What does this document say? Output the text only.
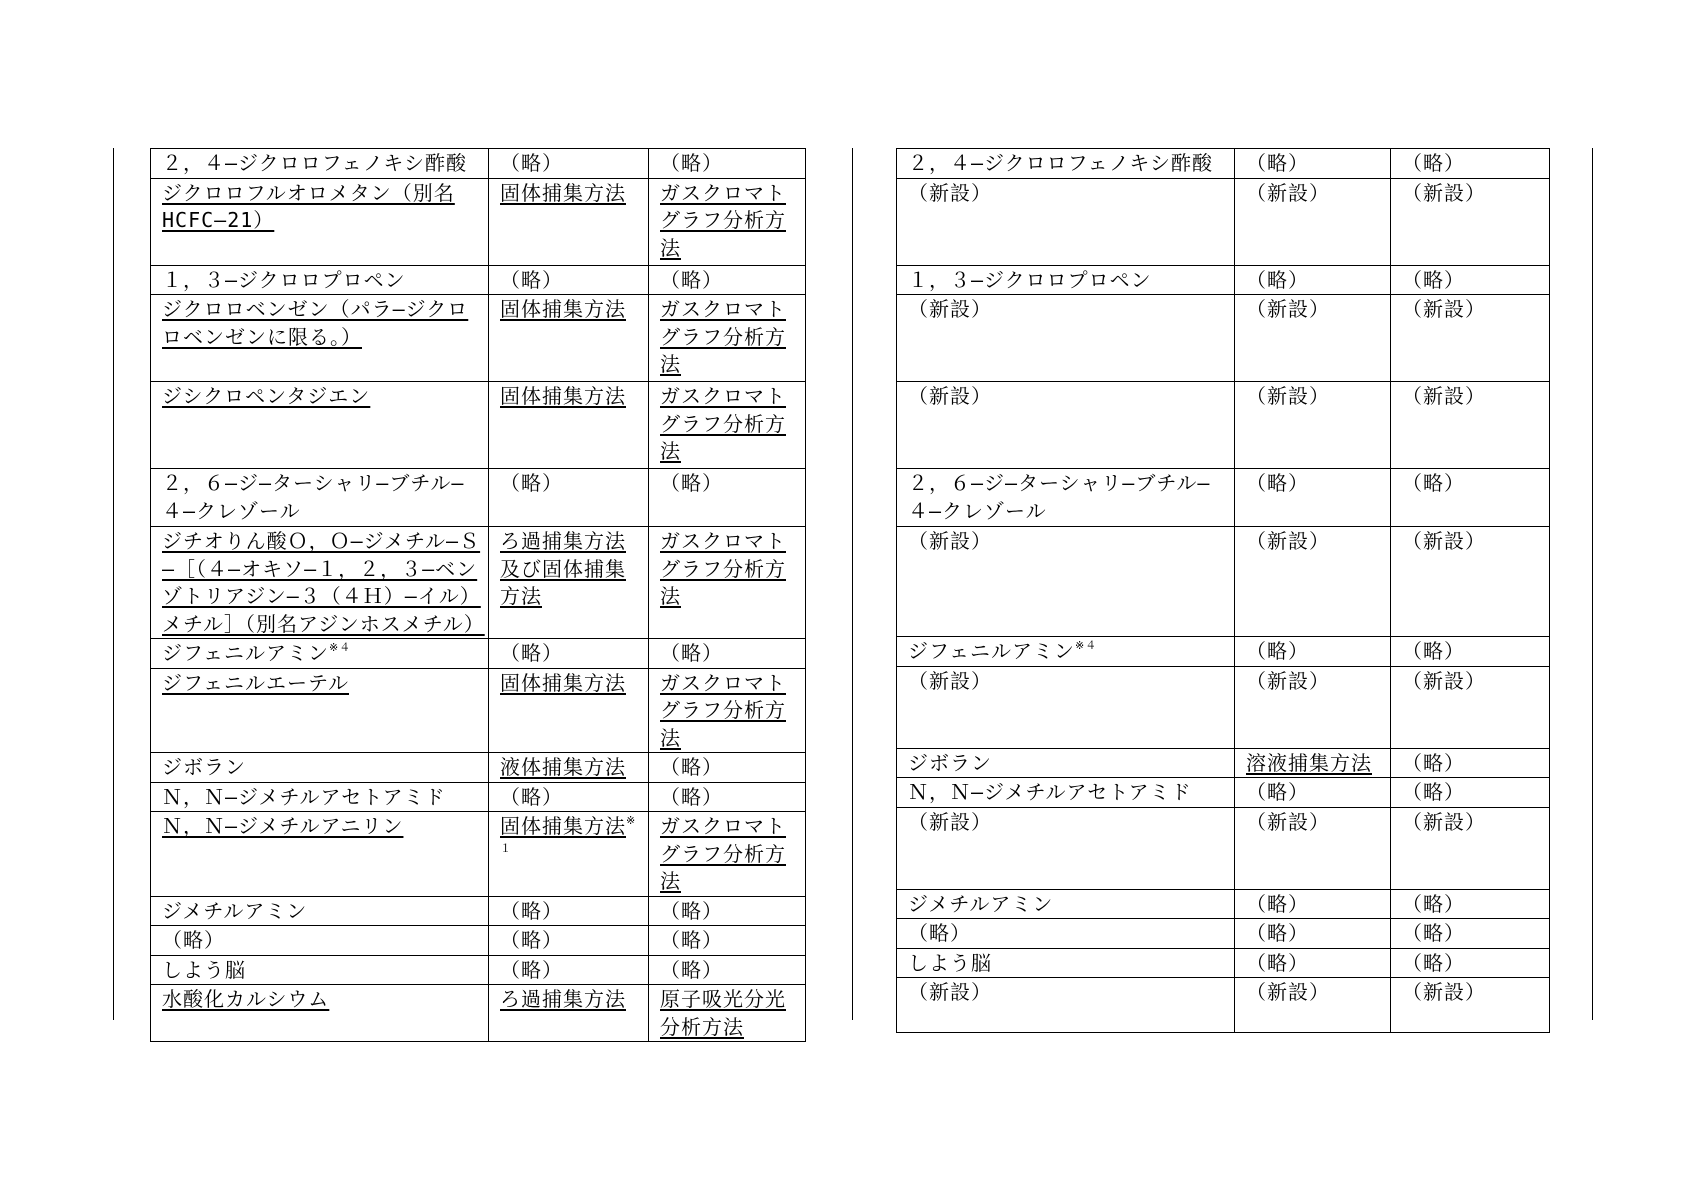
２，４―ジクロロフェノキシ酢酸	（略）	（略）
ジクロロフルオロメタン（別名HCFC―21）	固体捕集方法	ガスクロマトグラフ分析方法
１，３―ジクロロプロペン	（略）	（略）
ジクロロベンゼン（パラ―ジクロロベンゼンに限る。）	固体捕集方法	ガスクロマトグラフ分析方法
ジシクロペンタジエン	固体捕集方法	ガスクロマトグラフ分析方法
２，６―ジ―ターシャリ―ブチル―４―クレゾール	（略）	（略）
ジチオりん酸Ｏ，Ｏ―ジメチル―Ｓ―［（４―オキソ―１，２，３―ベンゾトリアジン―３（４Ｈ）―イル）メチル］（別名アジンホスメチル）	ろ過捕集方法及び固体捕集方法	ガスクロマトグラフ分析方法
ジフェニルアミン$^{※4}$	（略）	（略）
ジフェニルエーテル	固体捕集方法	ガスクロマトグラフ分析方法
ジボラン	液体捕集方法	（略）
Ｎ，Ｎ―ジメチルアセトアミド	（略）	（略）
Ｎ，Ｎ―ジメチルアニリン	固体捕集方法$^{※1}$	ガスクロマトグラフ分析方法
ジメチルアミン	（略）	（略）
（略）	（略）	（略）
しよう脳	（略）	（略）
水酸化カルシウム	ろ過捕集方法	原子吸光分光分析方法
２，４―ジクロロフェノキシ酢酸	（略）	（略）
（新設）	（新設）	（新設）
１，３―ジクロロプロペン	（略）	（略）
（新設）	（新設）	（新設）
（新設）	（新設）	（新設）
２，６―ジ―ターシャリ―ブチル―４―クレゾール	（略）	（略）
（新設）	（新設）	（新設）
ジフェニルアミン$^{※4}$	（略）	（略）
（新設）	（新設）	（新設）
ジボラン	溶液捕集方法	（略）
Ｎ，Ｎ―ジメチルアセトアミド	（略）	（略）
（新設）	（新設）	（新設）
ジメチルアミン	（略）	（略）
（略）	（略）	（略）
しよう脳	（略）	（略）
（新設）	（新設）	（新設）
